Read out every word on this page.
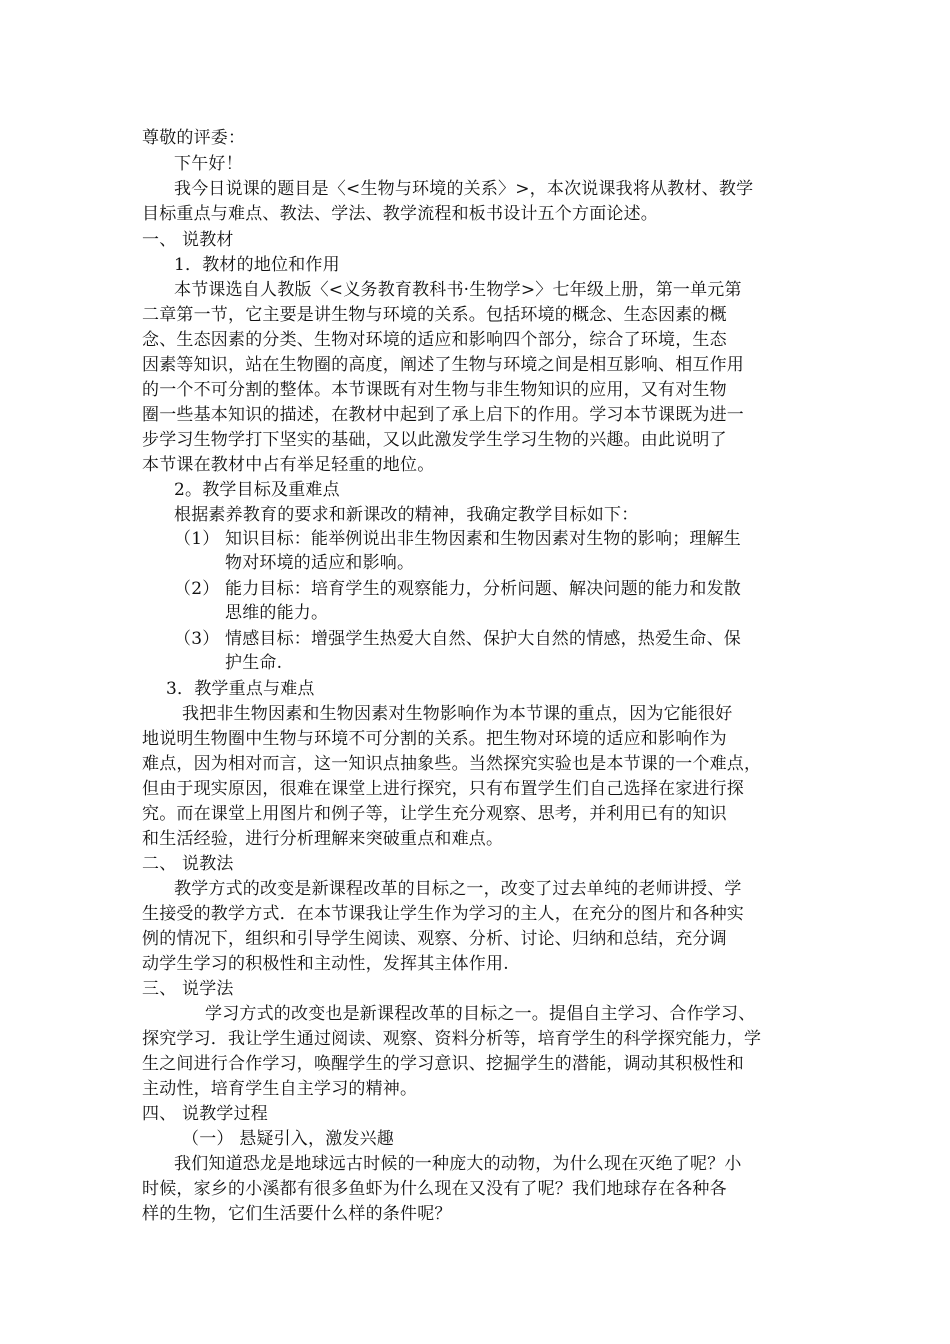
尊敬的评委：
下午好！
我今日说课的题目是〈<生物与环境的关系〉>，本次说课我将从教材、教学
目标重点与难点、教法、学法、教学流程和板书设计五个方面论述。
一、 说教材
1．教材的地位和作用
本节课选自人教版〈<义务教育教科书·生物学>〉七年级上册，第一单元第
二章第一节，它主要是讲生物与环境的关系。包括环境的概念、生态因素的概
念、生态因素的分类、生物对环境的适应和影响四个部分，综合了环境，生态
因素等知识，站在生物圈的高度，阐述了生物与环境之间是相互影响、相互作用
的一个不可分割的整体。本节课既有对生物与非生物知识的应用，又有对生物
圈一些基本知识的描述，在教材中起到了承上启下的作用。学习本节课既为进一
步学习生物学打下坚实的基础，又以此激发学生学习生物的兴趣。由此说明了
本节课在教材中占有举足轻重的地位。
2。教学目标及重难点
根据素养教育的要求和新课改的精神，我确定教学目标如下：
（1） 知识目标：能举例说出非生物因素和生物因素对生物的影响；理解生
物对环境的适应和影响。
（2） 能力目标：培育学生的观察能力，分析问题、解决问题的能力和发散
思维的能力。
（3） 情感目标：增强学生热爱大自然、保护大自然的情感，热爱生命、保
护生命.
3．教学重点与难点
我把非生物因素和生物因素对生物影响作为本节课的重点，因为它能很好
地说明生物圈中生物与环境不可分割的关系。把生物对环境的适应和影响作为
难点，因为相对而言，这一知识点抽象些。当然探究实验也是本节课的一个难点，
但由于现实原因，很难在课堂上进行探究，只有布置学生们自己选择在家进行探
究。而在课堂上用图片和例子等，让学生充分观察、思考，并利用已有的知识
和生活经验，进行分析理解来突破重点和难点。
二、 说教法
教学方式的改变是新课程改革的目标之一，改变了过去单纯的老师讲授、学
生接受的教学方式．在本节课我让学生作为学习的主人，在充分的图片和各种实
例的情况下，组织和引导学生阅读、观察、分析、讨论、归纳和总结，充分调
动学生学习的积极性和主动性，发挥其主体作用.
三、 说学法
学习方式的改变也是新课程改革的目标之一。提倡自主学习、合作学习、
探究学习．我让学生通过阅读、观察、资料分析等，培育学生的科学探究能力，学
生之间进行合作学习，唤醒学生的学习意识、挖掘学生的潜能，调动其积极性和
主动性，培育学生自主学习的精神。
四、 说教学过程
（一） 悬疑引入，激发兴趣
我们知道恐龙是地球远古时候的一种庞大的动物，为什么现在灭绝了呢？小
时候，家乡的小溪都有很多鱼虾为什么现在又没有了呢？我们地球存在各种各
样的生物，它们生活要什么样的条件呢？
